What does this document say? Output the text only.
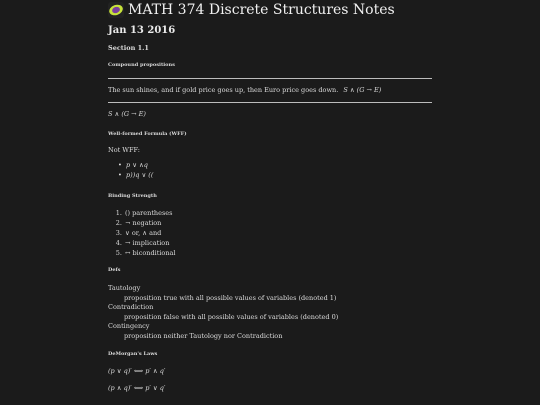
MATH 374 Discrete Structures Notes
Jan 13 2016
Section 1.1
Compound propositions
The sun shines, and if gold price goes up, then Euro price goes down. S ∧ (G → E)
S ∧ (G → E)
Well-formed Formula (WFF)
Not WFF:
• p ∨ ∧q
• p))q ∨ ((
Binding Strength
1. () parentheses
2. ¬ negation
3. ∨ or, ∧ and
4. → implication
5. ↔ biconditional
Defs
Tautology
proposition true with all possible values of variables (denoted 1)
Contradiction
proposition false with all possible values of variables (denoted 0)
Contingency
proposition neither Tautology nor Contradiction
DeMorgan's Laws
(p ∨ q)′ ⟺ p′ ∧ q′
(p ∧ q)′ ⟺ p′ ∨ q′
